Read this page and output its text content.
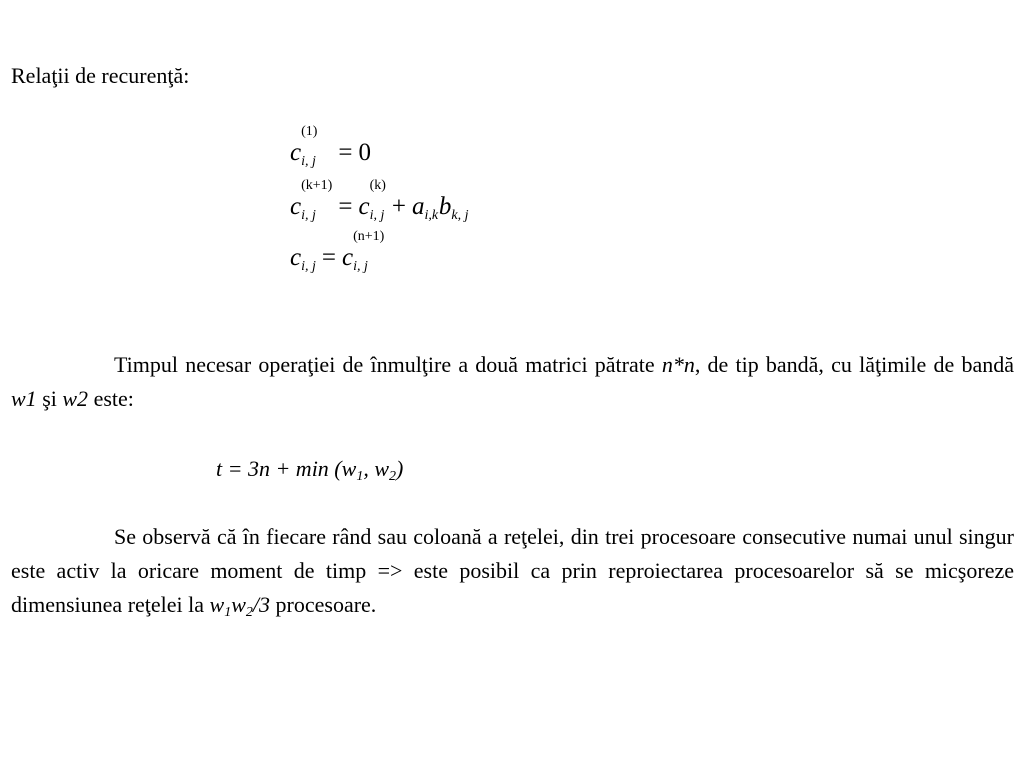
Relaţii de recurenţă:
c
(1)
i, j = 0
c
(k+1)
i, j = c
(k)
i, j + a i,k b k, j
c i, j = c
(n+1)
i, j
Timpul necesar operaţiei de înmulţire a două matrici pătrate n*n, de tip bandă, cu lăţimile de bandă w1 şi w2 este:
$t = 3n + \min (w_1$, $w_2$)
Se observă că în fiecare rând sau coloană a reţelei, din trei procesoare consecutive numai unul singur este activ la oricare moment de timp => este posibil ca prin reproiectarea procesoarelor să se micşoreze dimensiunea reţelei la $w_1w_2/3$ procesoare.
